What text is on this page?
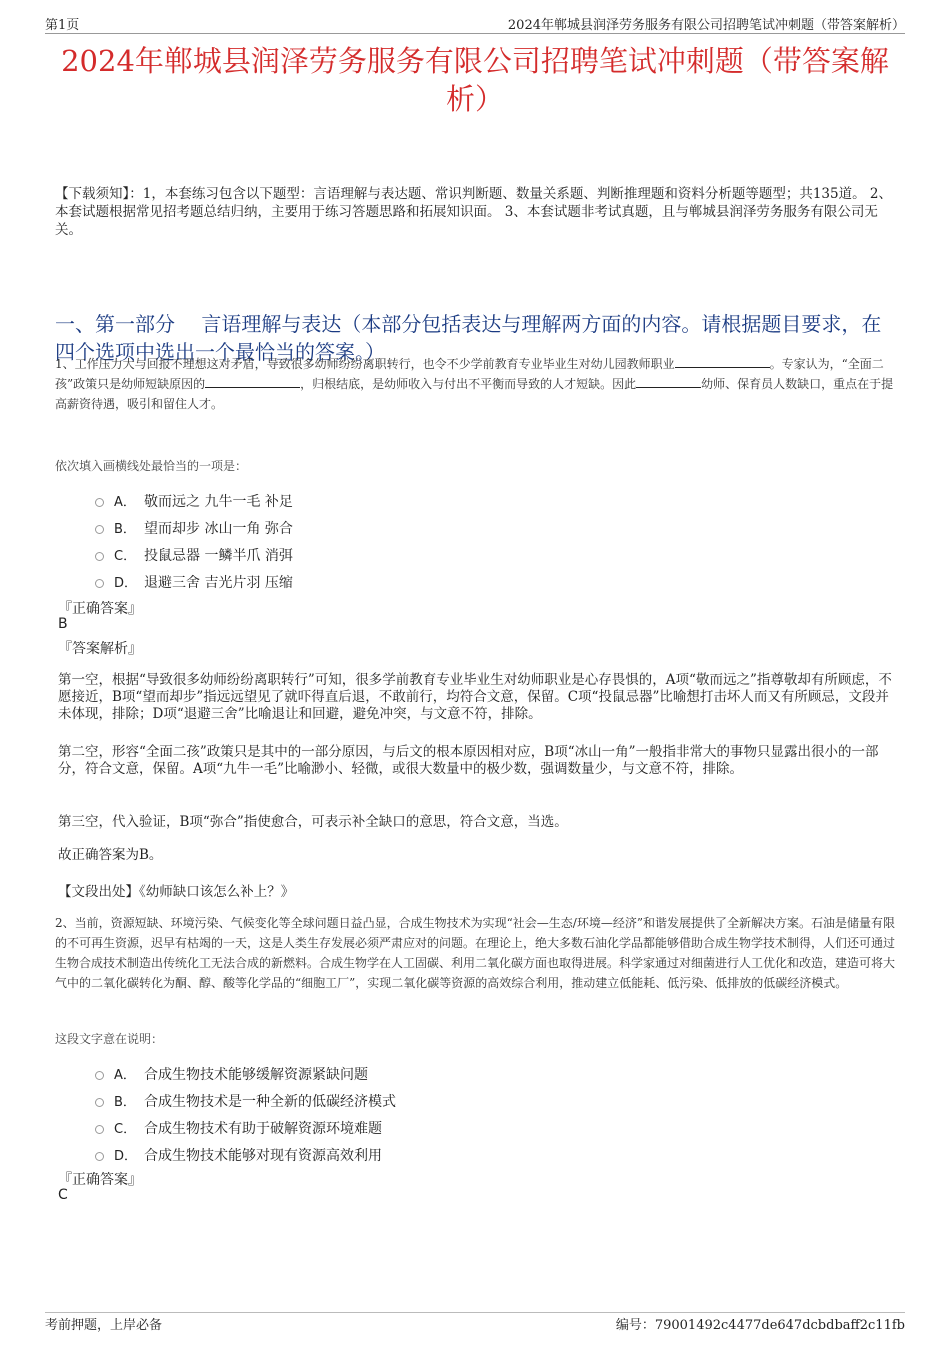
第1页	2024年郸城县润泽劳务服务有限公司招聘笔试冲刺题（带答案解析）
2024年郸城县润泽劳务服务有限公司招聘笔试冲刺题（带答案解析）
【下载须知】：1，本套练习包含以下题型：言语理解与表达题、常识判断题、数量关系题、判断推理题和资料分析题等题型；共135道。 2、本套试题根据常见招考题总结归纳，主要用于练习答题思路和拓展知识面。 3、本套试题非考试真题，且与郸城县润泽劳务服务有限公司无关。
一、第一部分　 言语理解与表达（本部分包括表达与理解两方面的内容。请根据题目要求，在四个选项中选出一个最恰当的答案。）
1、工作压力大与回报不理想这对矛盾，导致很多幼师纷纷离职转行，也令不少学前教育专业毕业生对幼儿园教师职业	。专家认为，“全面二孩”政策只是幼师短缺原因的	，归根结底，是幼师收入与付出不平衡而导致的人才短缺。因此	幼师、保育员人数缺口，重点在于提高薪资待遇，吸引和留住人才。
依次填入画横线处最恰当的一项是：
A． 敬而远之 九牛一毛 补足
B． 望而却步 冰山一角 弥合
C． 投鼠忌器 一鳞半爪 消弭
D． 退避三舍 吉光片羽 压缩
『正确答案』
B
『答案解析』
第一空，根据“导致很多幼师纷纷离职转行”可知，很多学前教育专业毕业生对幼师职业是心存畏惧的，A项“敬而远之”指尊敬却有所顾虑，不愿接近，B项“望而却步”指远远望见了就吓得直后退，不敢前行，均符合文意，保留。C项“投鼠忌器”比喻想打击坏人而又有所顾忌，文段并未体现，排除；D项“退避三舍”比喻退让和回避，避免冲突，与文意不符，排除。
第二空，形容“全面二孩”政策只是其中的一部分原因，与后文的根本原因相对应，B项“冰山一角”一般指非常大的事物只显露出很小的一部分，符合文意，保留。A项“九牛一毛”比喻渺小、轻微，或很大数量中的极少数，强调数量少，与文意不符，排除。
第三空，代入验证，B项“弥合”指使愈合，可表示补全缺口的意思，符合文意，当选。
故正确答案为B。
【文段出处】《幼师缺口该怎么补上？》
2、当前，资源短缺、环境污染、气候变化等全球问题日益凸显，合成生物技术为实现“社会—生态/环境—经济”和谐发展提供了全新解决方案。石油是储量有限的不可再生资源，迟早有枯竭的一天，这是人类生存发展必须严肃应对的问题。在理论上，绝大多数石油化学品都能够借助合成生物学技术制得，人们还可通过生物合成技术制造出传统化工无法合成的新燃料。合成生物学在人工固碳、利用二氧化碳方面也取得进展。科学家通过对细菌进行人工优化和改造，建造可将大气中的二氧化碳转化为酮、醇、酸等化学品的“细胞工厂”，实现二氧化碳等资源的高效综合利用，推动建立低能耗、低污染、低排放的低碳经济模式。
这段文字意在说明：
A． 合成生物技术能够缓解资源紧缺问题
B． 合成生物技术是一种全新的低碳经济模式
C． 合成生物技术有助于破解资源环境难题
D． 合成生物技术能够对现有资源高效利用
『正确答案』
C
考前押题，上岸必备	编号：79001492c4477de647dcbdbaff2c11fb
